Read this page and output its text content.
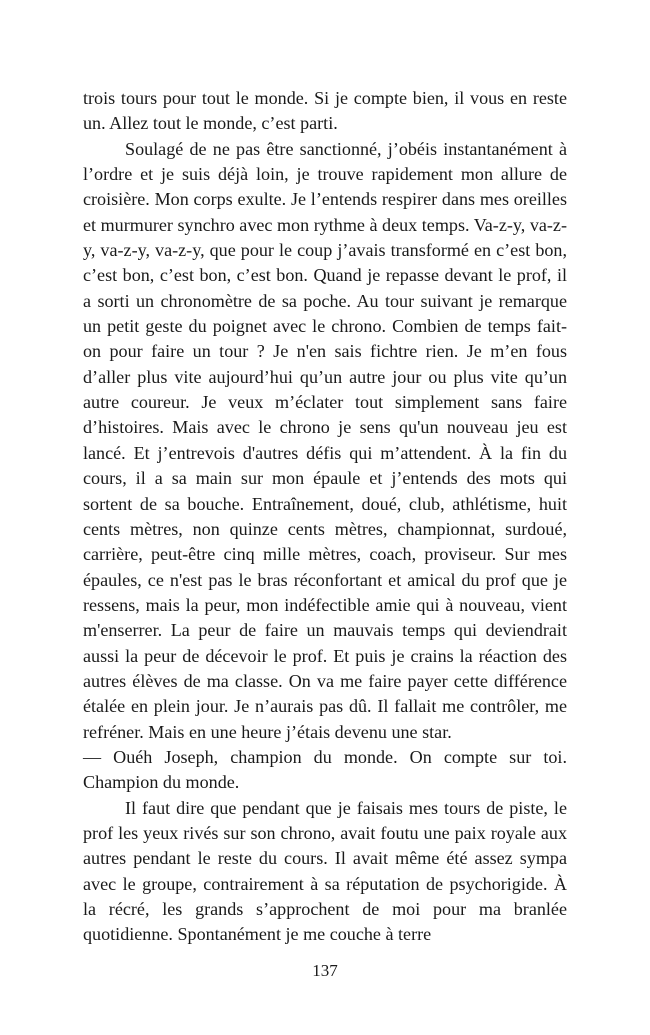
trois tours pour tout le monde. Si je compte bien, il vous en reste un. Allez tout le monde, c’est parti.

Soulagé de ne pas être sanctionné, j’obéis instantanément à l’ordre et je suis déjà loin, je trouve rapidement mon allure de croisière. Mon corps exulte. Je l’entends respirer dans mes oreilles et murmurer synchro avec mon rythme à deux temps. Va-z-y, va-z-y, va-z-y, va-z-y, que pour le coup j’avais transformé en c’est bon, c’est bon, c’est bon, c’est bon. Quand je repasse devant le prof, il a sorti un chronomètre de sa poche. Au tour suivant je remarque un petit geste du poignet avec le chrono. Combien de temps fait-on pour faire un tour ? Je n'en sais fichtre rien. Je m’en fous d’aller plus vite aujourd’hui qu’un autre jour ou plus vite qu’un autre coureur. Je veux m’éclater tout simplement sans faire d’histoires. Mais avec le chrono je sens qu'un nouveau jeu est lancé. Et j’entrevois d'autres défis qui m’attendent. À la fin du cours, il a sa main sur mon épaule et j’entends des mots qui sortent de sa bouche. Entraînement, doué, club, athlétisme, huit cents mètres, non quinze cents mètres, championnat, surdoué, carrière, peut-être cinq mille mètres, coach, proviseur. Sur mes épaules, ce n'est pas le bras réconfortant et amical du prof que je ressens, mais la peur, mon indéfectible amie qui à nouveau, vient m'enserrer. La peur de faire un mauvais temps qui deviendrait aussi la peur de décevoir le prof. Et puis je crains la réaction des autres élèves de ma classe. On va me faire payer cette différence étalée en plein jour. Je n’aurais pas dû. Il fallait me contrôler, me refréner. Mais en une heure j’étais devenu une star.

— Ouéh Joseph, champion du monde. On compte sur toi. Champion du monde.

Il faut dire que pendant que je faisais mes tours de piste, le prof les yeux rivés sur son chrono, avait foutu une paix royale aux autres pendant le reste du cours. Il avait même été assez sympa avec le groupe, contrairement à sa réputation de psychorigide. À la récré, les grands s’approchent de moi pour ma branlée quotidienne. Spontanément je me couche à terre

137
